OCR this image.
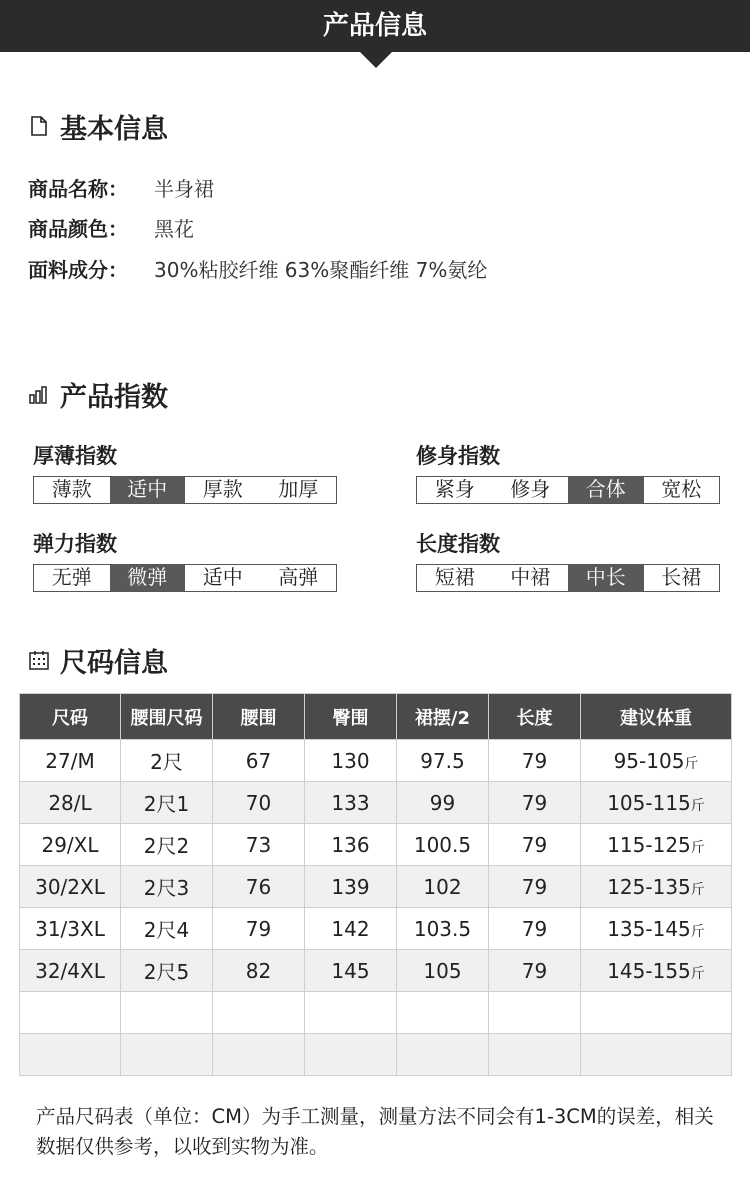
产品信息
基本信息
商品名称：	半身裙
商品颜色：	黑花
面料成分：	30%粘胶纤维 63%聚酯纤维 7%氨纶
产品指数
厚薄指数
薄款	适中	厚款	加厚
修身指数
紧身	修身	合体	宽松
弹力指数
无弹	微弹	适中	高弹
长度指数
短裙	中裙	中长	长裙
尺码信息
尺码	腰围尺码	腰围	臀围	裙摆/2	长度	建议体重
27/M	2尺	67	130	97.5	79	95-105斤
28/L	2尺1	70	133	99	79	105-115斤
29/XL	2尺2	73	136	100.5	79	115-125斤
30/2XL	2尺3	76	139	102	79	125-135斤
31/3XL	2尺4	79	142	103.5	79	135-145斤
32/4XL	2尺5	82	145	105	79	145-155斤

产品尺码表（单位：CM）为手工测量，测量方法不同会有1-3CM的误差，相关数据仅供参考，以收到实物为准。
